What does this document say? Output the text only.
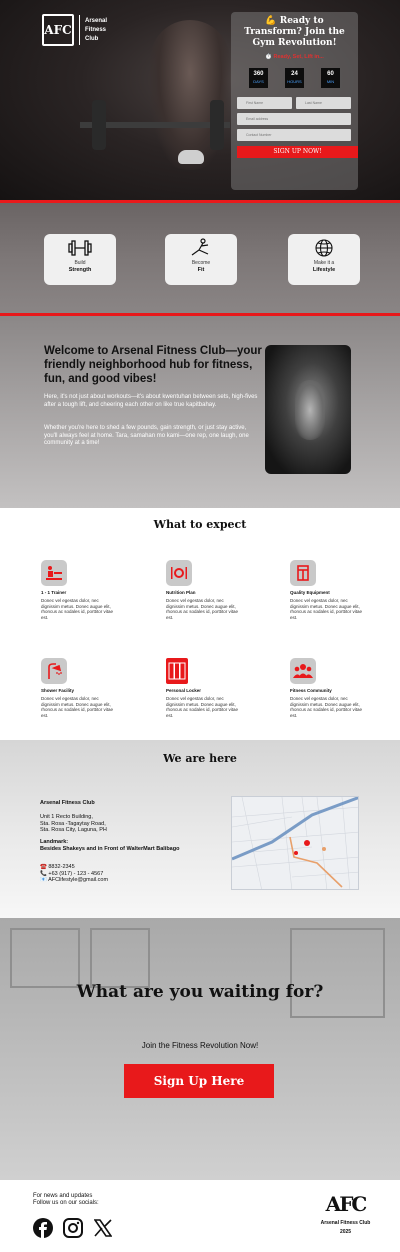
AFC
Arsenal Fitness Club
💪 Ready to Transform? Join the Gym Revolution!
⏱️ Ready, Set, Lift in...
360
DAYS
24
HOURS
60
MIN
First Name
Last Name
Email address
Contact Number
SIGN UP NOW!
Build
Strength
Become
Fit
Make it a
Lifestyle
Welcome to Arsenal Fitness Club—your friendly neighborhood hub for fitness, fun, and good vibes!

Here, it's not just about workouts—it's about kwentuhan between sets, high-fives after a tough lift, and cheering each other on like true kapitbahay.

Whether you're here to shed a few pounds, gain strength, or just stay active, you'll always feel at home. Tara, samahan mo kami—one rep, one laugh, one community at a time!

What to expect
1 - 1 Trainer
Donec vel egestas dolor, nec dignissim metus. Donec augue elit, rhoncus ac sodales id, porttitor vitae est.
Nutrition Plan
Donec vel egestas dolor, nec dignissim metus. Donec augue elit, rhoncus ac sodales id, porttitor vitae est.
Quality Equipment
Donec vel egestas dolor, nec dignissim metus. Donec augue elit, rhoncus ac sodales id, porttitor vitae est.
Shower Facility
Donec vel egestas dolor, nec dignissim metus. Donec augue elit, rhoncus ac sodales id, porttitor vitae est.
Personal Locker
Donec vel egestas dolor, nec dignissim metus. Donec augue elit, rhoncus ac sodales id, porttitor vitae est.
Fitness Community
Donec vel egestas dolor, nec dignissim metus. Donec augue elit, rhoncus ac sodales id, porttitor vitae est.
We are here
Arsenal Fitness Club
Unit 1 Recto Building,
Sta. Rosa -Tagaytay Road,
Sta. Rosa City, Laguna, PH
Landmark:
Besides Shakeys and in Front of WalterMart Balibago
☎️ 8832-2345
📞 +63 (917) - 123 - 4567
📧 AFClifestyle@gmail.com
What are you waiting for?

Join the Fitness Revolution Now!

Sign Up Here
For news and updates
Follow us on our socials:	AFC
Arsenal Fitness Club
2025
